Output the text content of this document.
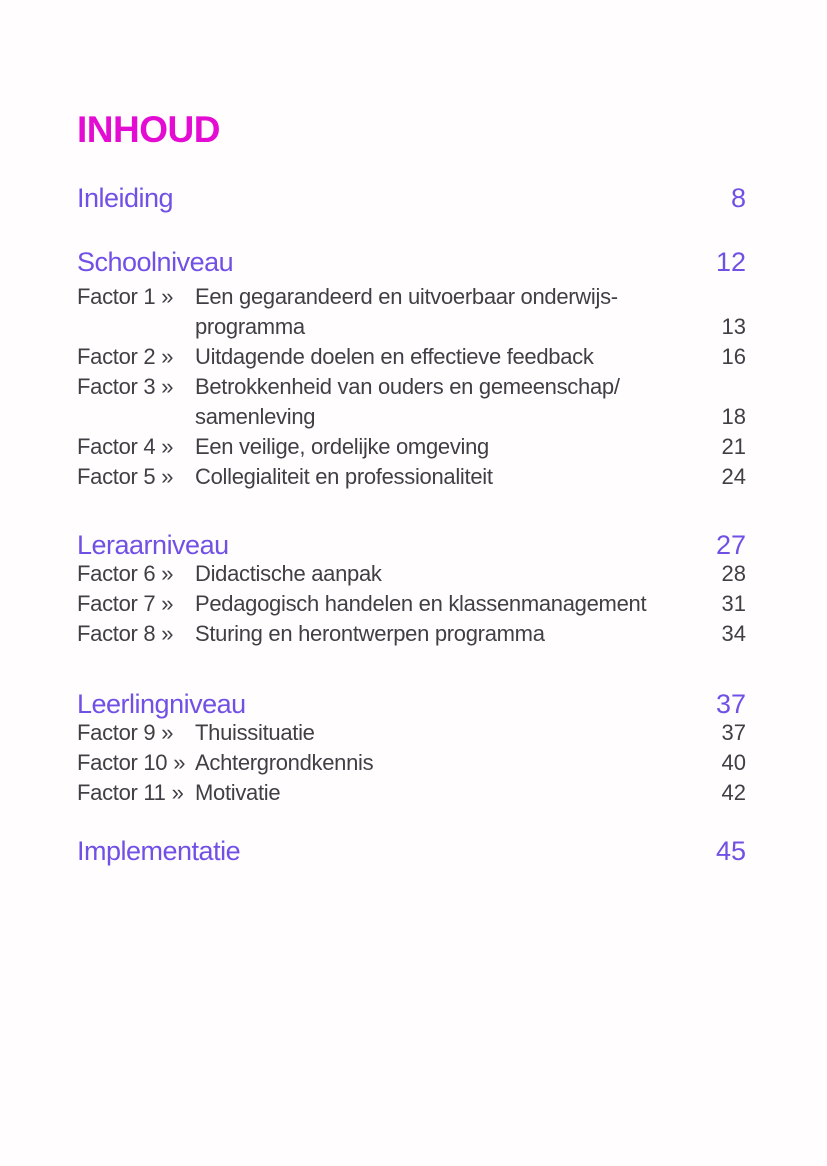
INHOUD
Inleiding	8
Schoolniveau	12
Factor 1 » Een gegarandeerd en uitvoerbaar onderwijs-
programma	13
Factor 2 » Uitdagende doelen en effectieve feedback	16
Factor 3 » Betrokkenheid van ouders en gemeenschap/
samenleving	18
Factor 4 » Een veilige, ordelijke omgeving	21
Factor 5 » Collegialiteit en professionaliteit	24
Leraarniveau	27
Factor 6 » Didactische aanpak	28
Factor 7 » Pedagogisch handelen en klassenmanagement	31
Factor 8 » Sturing en herontwerpen programma	34
Leerlingniveau	37
Factor 9 » Thuissituatie	37
Factor 10 » Achtergrondkennis	40
Factor 11 » Motivatie	42
Implementatie	45
